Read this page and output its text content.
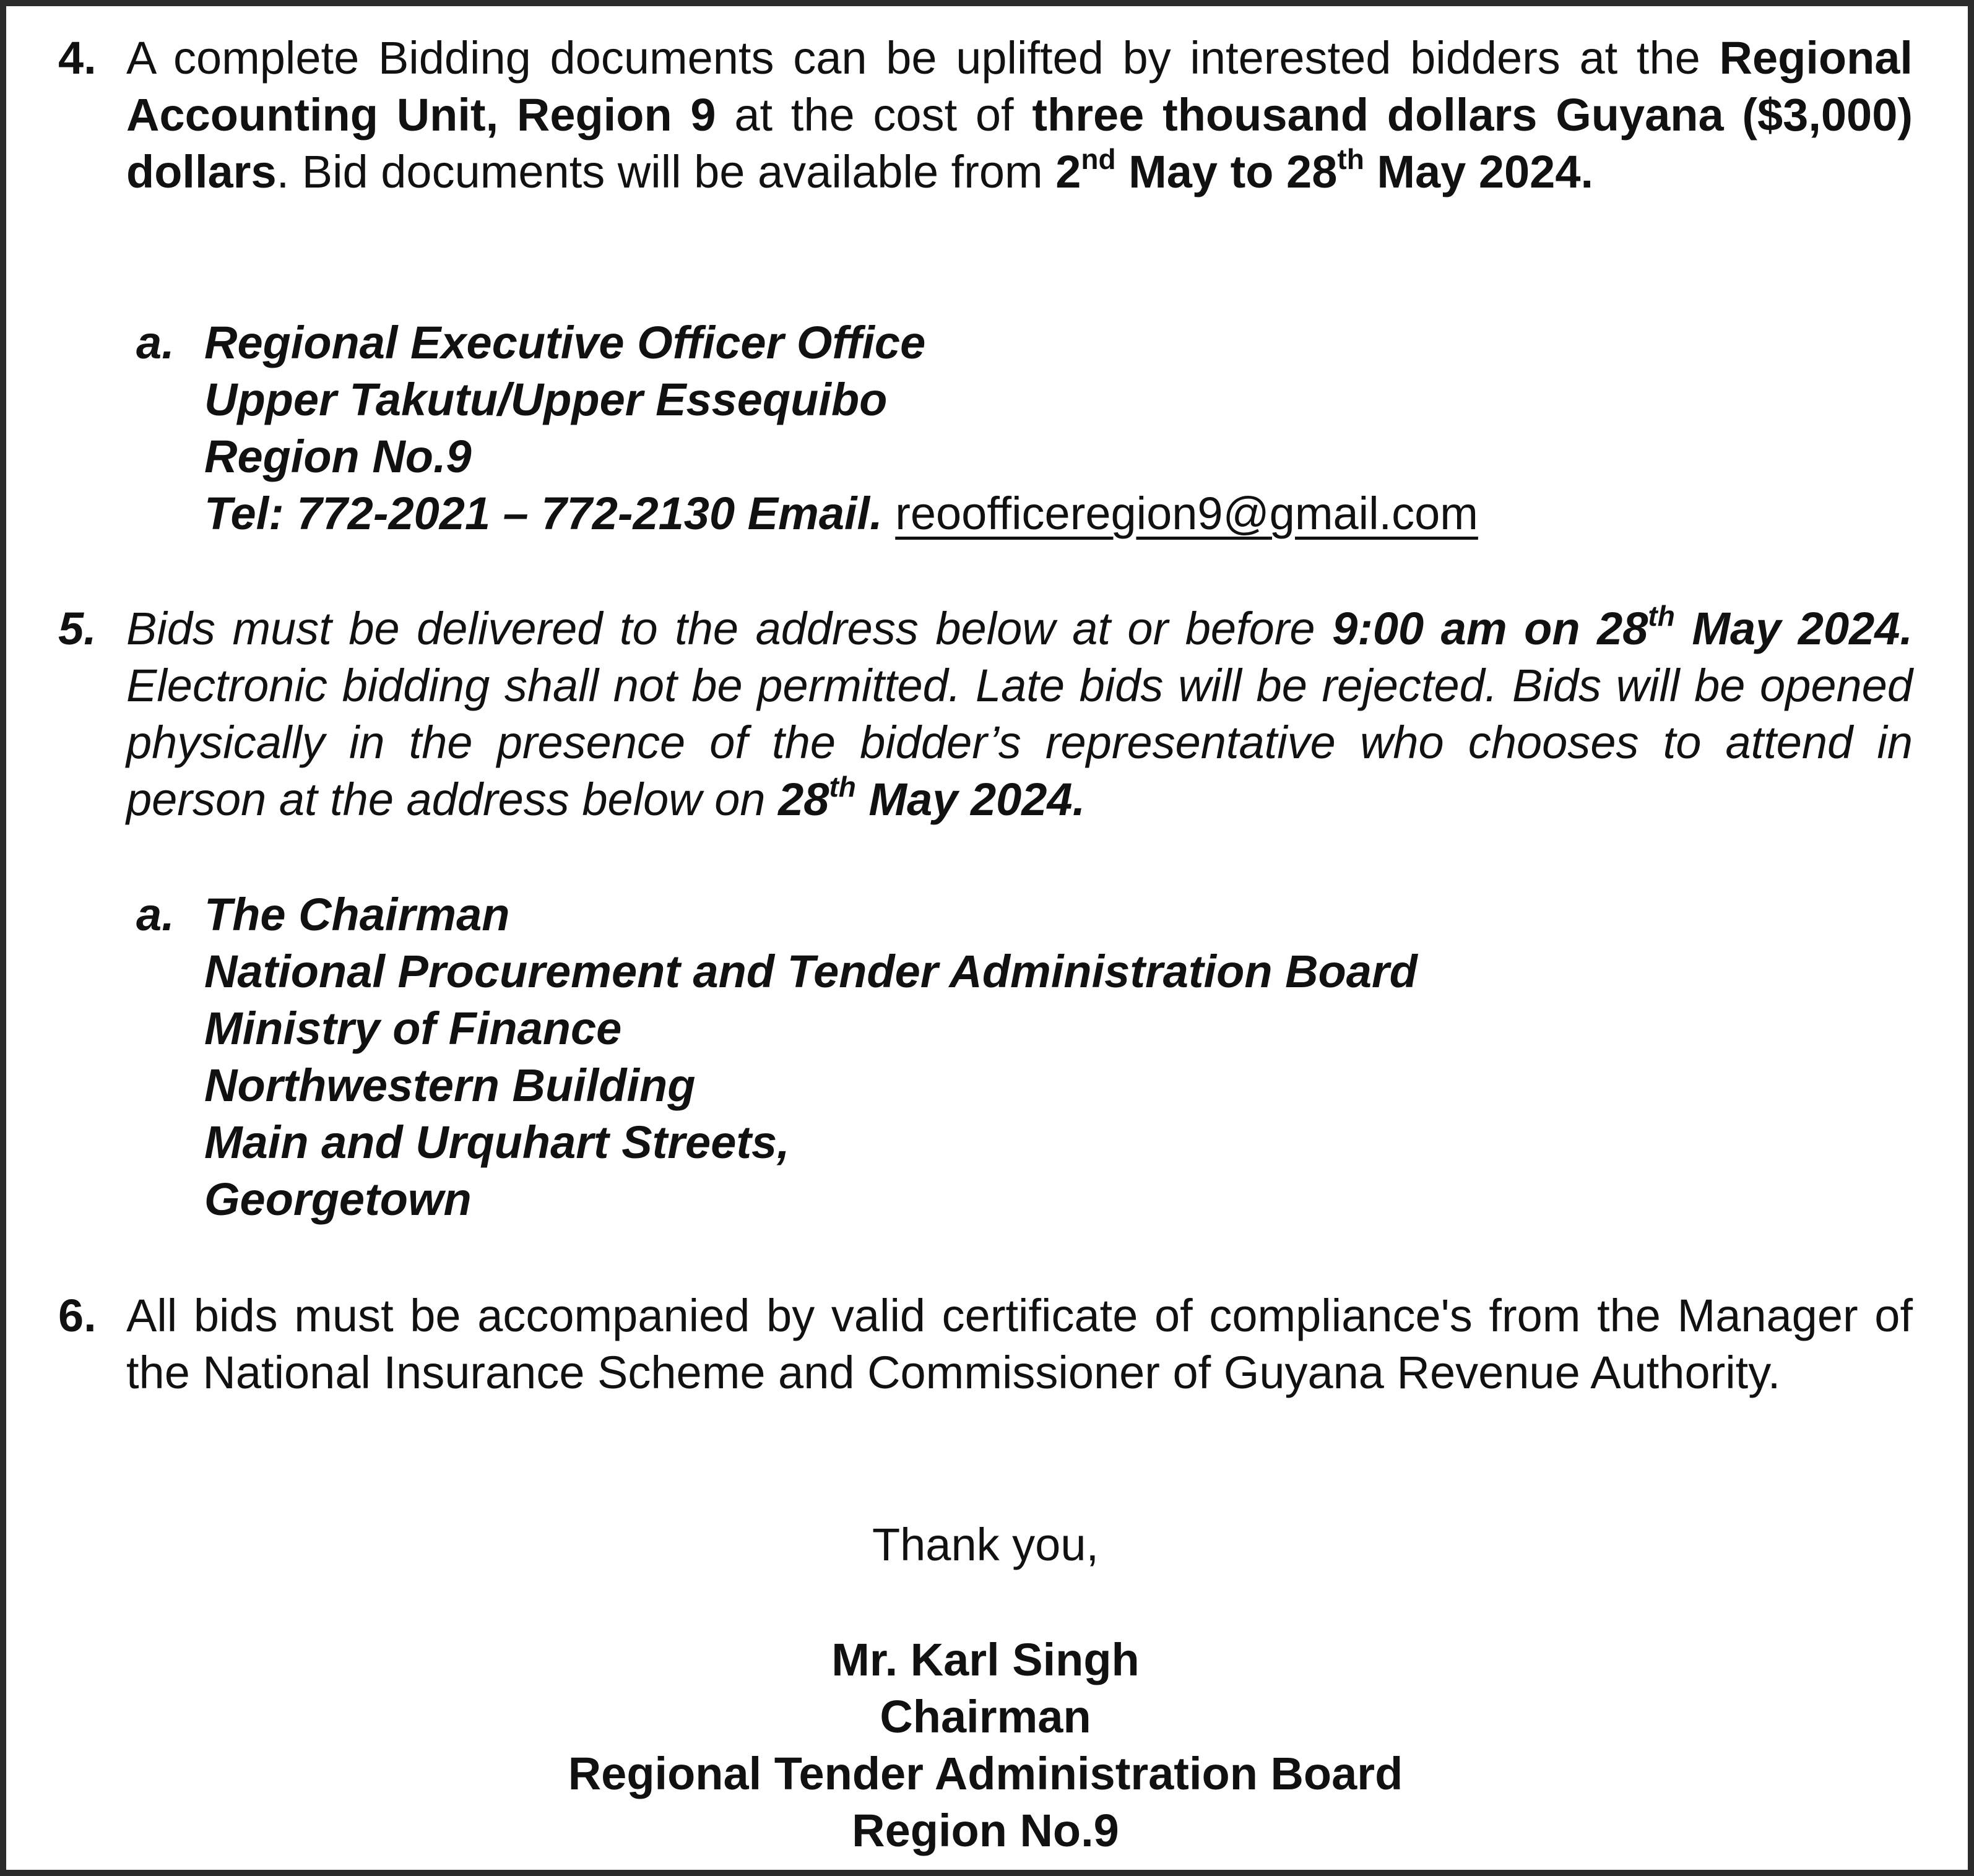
4. A complete Bidding documents can be uplifted by interested bidders at the Regional Accounting Unit, Region 9 at the cost of three thousand dollars Guyana ($3,000) dollars. Bid documents will be available from 2nd May to 28th May 2024.

a. Regional Executive Officer Office
Upper Takutu/Upper Essequibo
Region No.9
Tel: 772-2021 – 772-2130 Email. reoofficeregion9@gmail.com
5. Bids must be delivered to the address below at or before 9:00 am on 28th May 2024. Electronic bidding shall not be permitted. Late bids will be rejected. Bids will be opened physically in the presence of the bidder’s representative who chooses to attend in person at the address below on 28th May 2024.

a. The Chairman
National Procurement and Tender Administration Board
Ministry of Finance
Northwestern Building
Main and Urquhart Streets,
Georgetown
6. All bids must be accompanied by valid certificate of compliance's from the Manager of the National Insurance Scheme and Commissioner of Guyana Revenue Authority.

Thank you,
Mr. Karl Singh
Chairman
Regional Tender Administration Board
Region No.9
